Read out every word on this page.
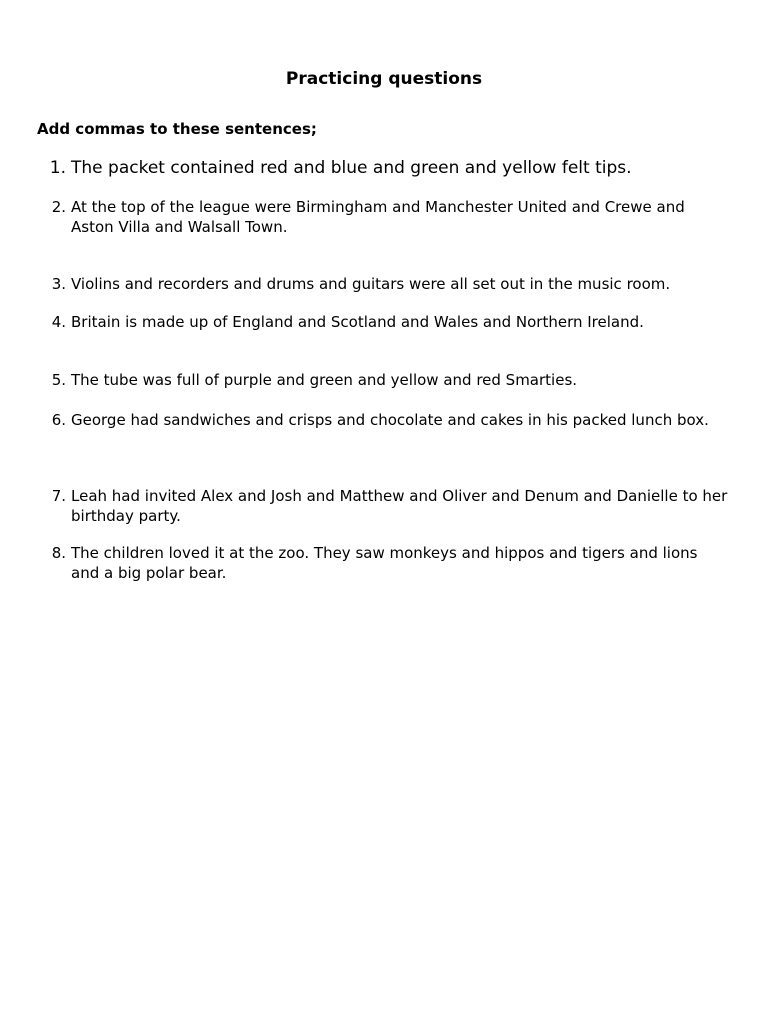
Practicing questions
Add commas to these sentences;
1. The packet contained red and blue and green and yellow felt tips.
2. At the top of the league were Birmingham and Manchester United and Crewe and Aston Villa and Walsall Town.
3. Violins and recorders and drums and guitars were all set out in the music room.
4. Britain is made up of England and Scotland and Wales and Northern Ireland.
5. The tube was full of purple and green and yellow and red Smarties.
6. George had sandwiches and crisps and chocolate and cakes in his packed lunch box.
7. Leah had invited Alex and Josh and Matthew and Oliver and Denum and Danielle to her birthday party.
8. The children loved it at the zoo. They saw monkeys and hippos and tigers and lions and a big polar bear.
